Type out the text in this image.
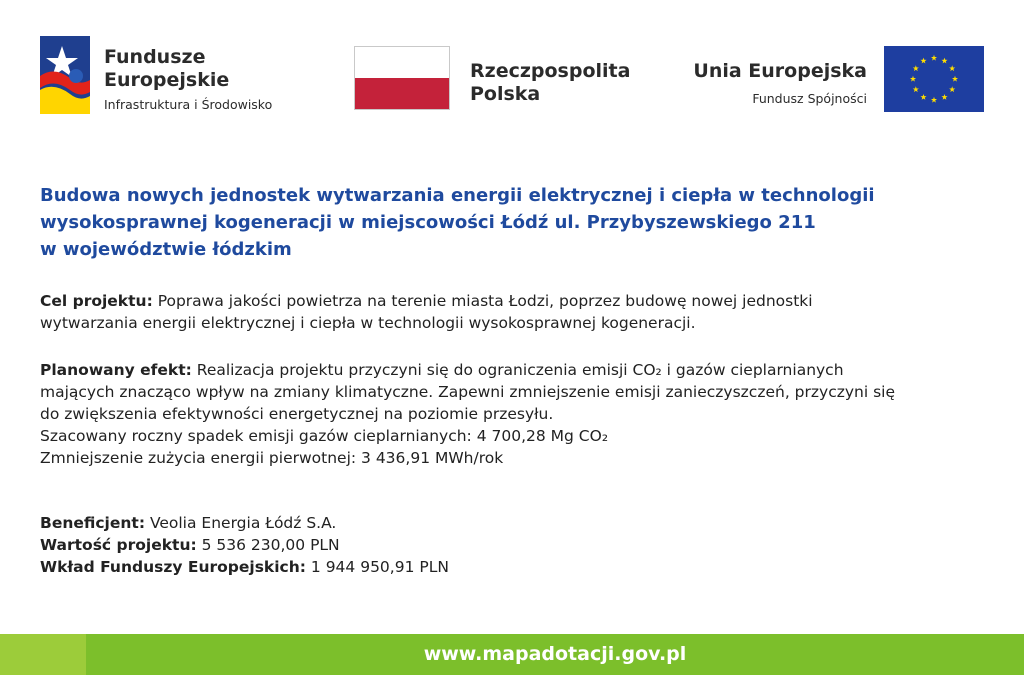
Fundusze
Europejskie
Infrastruktura i Środowisko
Rzeczpospolita
Polska
Unia Europejska
Fundusz Spójności
Budowa nowych jednostek wytwarzania energii elektrycznej i ciepła w technologii
wysokosprawnej kogeneracji w miejscowości Łódź ul. Przybyszewskiego 211
w województwie łódzkim

Cel projektu: Poprawa jakości powietrza na terenie miasta Łodzi, poprzez budowę nowej jednostki
wytwarzania energii elektrycznej i ciepła w technologii wysokosprawnej kogeneracji.

Planowany efekt: Realizacja projektu przyczyni się do ograniczenia emisji CO₂ i gazów cieplarnianych
mających znacząco wpływ na zmiany klimatyczne. Zapewni zmniejszenie emisji zanieczyszczeń, przyczyni się
do zwiększenia efektywności energetycznej na poziomie przesyłu.
Szacowany roczny spadek emisji gazów cieplarnianych: 4 700,28 Mg CO₂
Zmniejszenie zużycia energii pierwotnej: 3 436,91 MWh/rok

Beneficjent: Veolia Energia Łódź S.A.
Wartość projektu: 5 536 230,00 PLN
Wkład Funduszy Europejskich: 1 944 950,91 PLN

www.mapadotacji.gov.pl
